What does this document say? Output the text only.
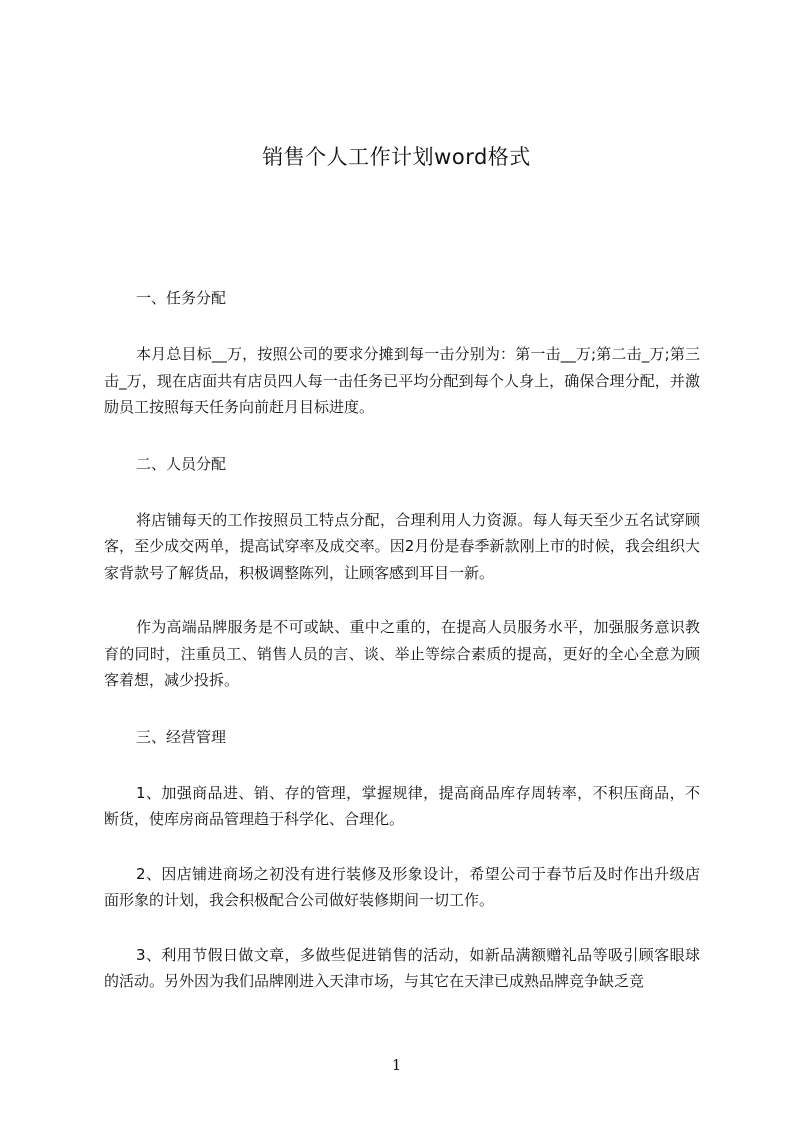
销售个人工作计划word格式
一、任务分配

本月总目标__万，按照公司的要求分摊到每一击分别为：第一击__万;第二击_万;第三击_万，现在店面共有店员四人每一击任务已平均分配到每个人身上，确保合理分配，并激励员工按照每天任务向前赶月目标进度。

二、人员分配

将店铺每天的工作按照员工特点分配，合理利用人力资源。每人每天至少五名试穿顾客，至少成交两单，提高试穿率及成交率。因2月份是春季新款刚上市的时候，我会组织大家背款号了解货品，积极调整陈列，让顾客感到耳目一新。

作为高端品牌服务是不可或缺、重中之重的，在提高人员服务水平，加强服务意识教育的同时，注重员工、销售人员的言、谈、举止等综合素质的提高，更好的全心全意为顾客着想，减少投拆。

三、经营管理

1、加强商品进、销、存的管理，掌握规律，提高商品库存周转率，不积压商品，不断货，使库房商品管理趋于科学化、合理化。

2、因店铺进商场之初没有进行装修及形象设计，希望公司于春节后及时作出升级店面形象的计划，我会积极配合公司做好装修期间一切工作。

3、利用节假日做文章，多做些促进销售的活动，如新品满额赠礼品等吸引顾客眼球的活动。另外因为我们品牌刚进入天津市场，与其它在天津已成熟品牌竞争缺乏竞

1
